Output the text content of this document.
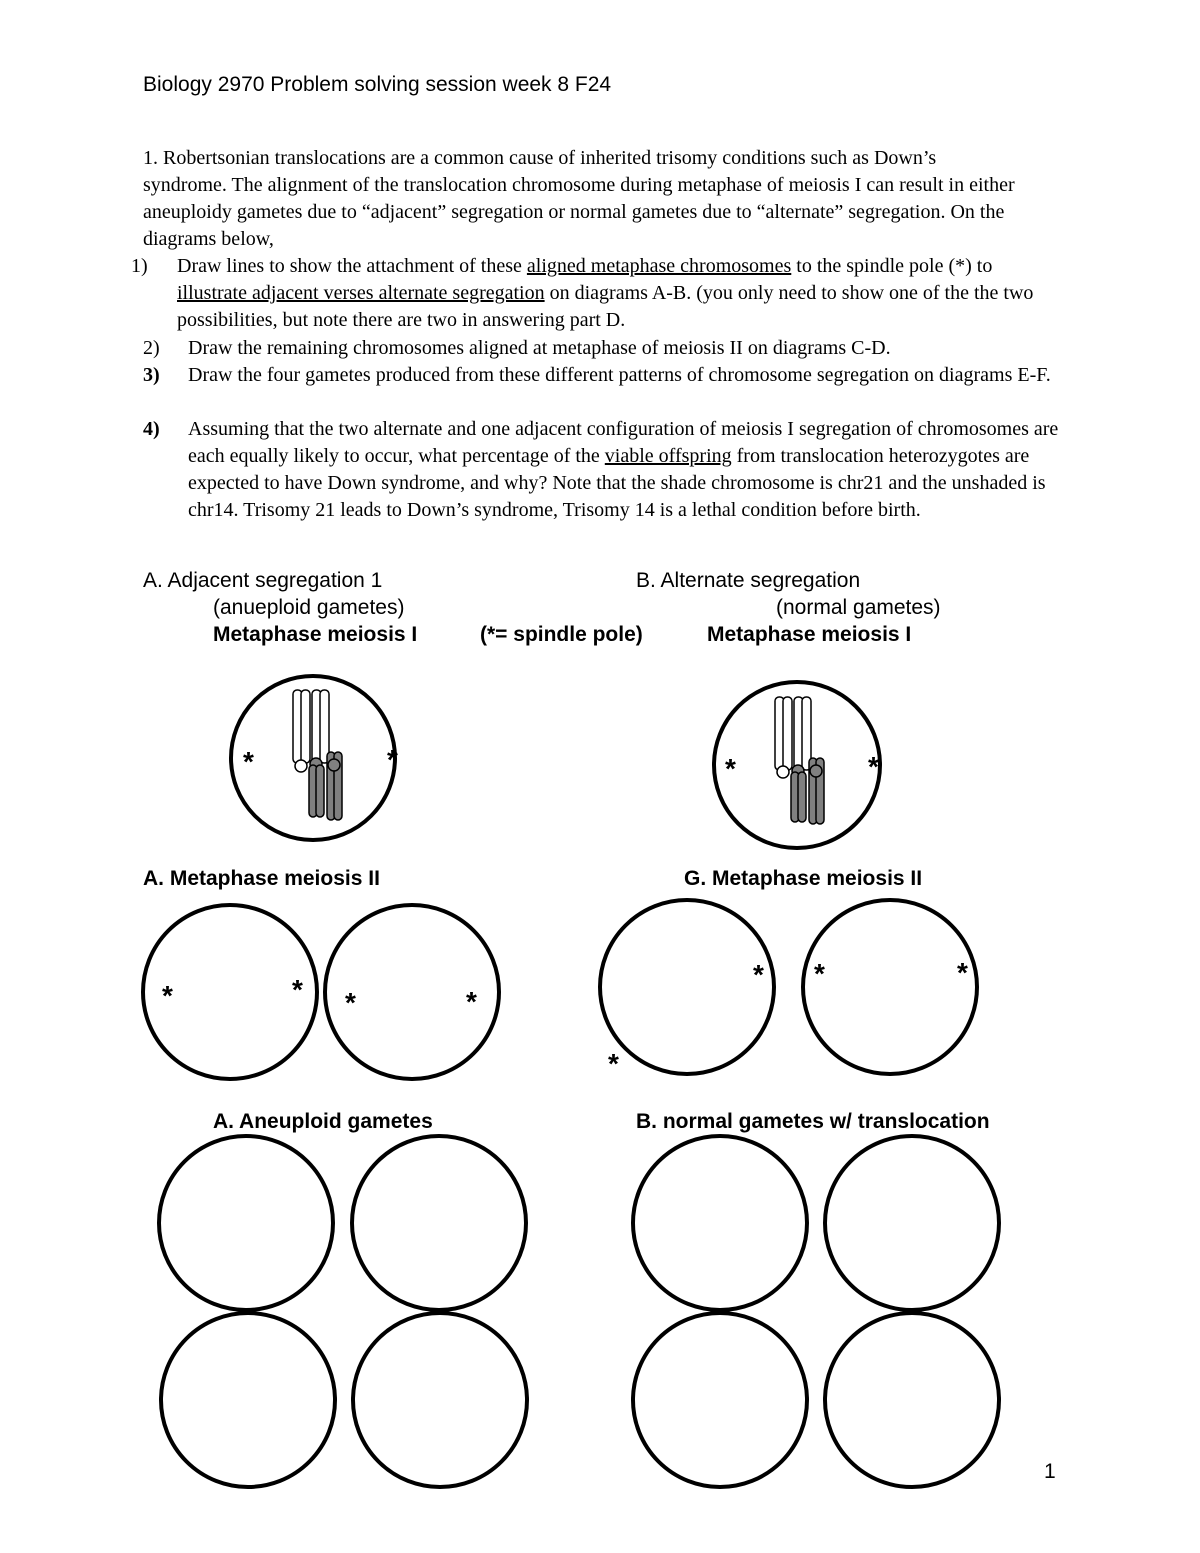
Biology 2970 Problem solving session week 8 F24
1. Robertsonian translocations are a common cause of inherited trisomy conditions such as Down’s syndrome. The alignment of the translocation chromosome during metaphase of meiosis I can result in either aneuploidy gametes due to “adjacent” segregation or normal gametes due to “alternate” segregation. On the diagrams below,
1) Draw lines to show the attachment of these aligned metaphase chromosomes to the spindle pole (*) to illustrate adjacent verses alternate segregation on diagrams A-B. (you only need to show one of the the two possibilities, but note there are two in answering part D.
2) Draw the remaining chromosomes aligned at metaphase of meiosis II on diagrams C-D.
3) Draw the four gametes produced from these different patterns of chromosome segregation on diagrams E-F.
4) Assuming that the two alternate and one adjacent configuration of meiosis I segregation of chromosomes are each equally likely to occur, what percentage of the viable offspring from translocation heterozygotes are expected to have Down syndrome, and why? Note that the shade chromosome is chr21 and the unshaded is chr14. Trisomy 21 leads to Down’s syndrome, Trisomy 14 is a lethal condition before birth.
A. Adjacent segregation 1
(anueploid gametes)
Metaphase meiosis I	(*= spindle pole)
B. Alternate segregation
(normal gametes)
Metaphase meiosis I
A. Metaphase meiosis II	G. Metaphase meiosis II
A. Aneuploid gametes	B. normal gametes w/ translocation
*	*	*	*
*	* *	*
*
*
*	*
1
